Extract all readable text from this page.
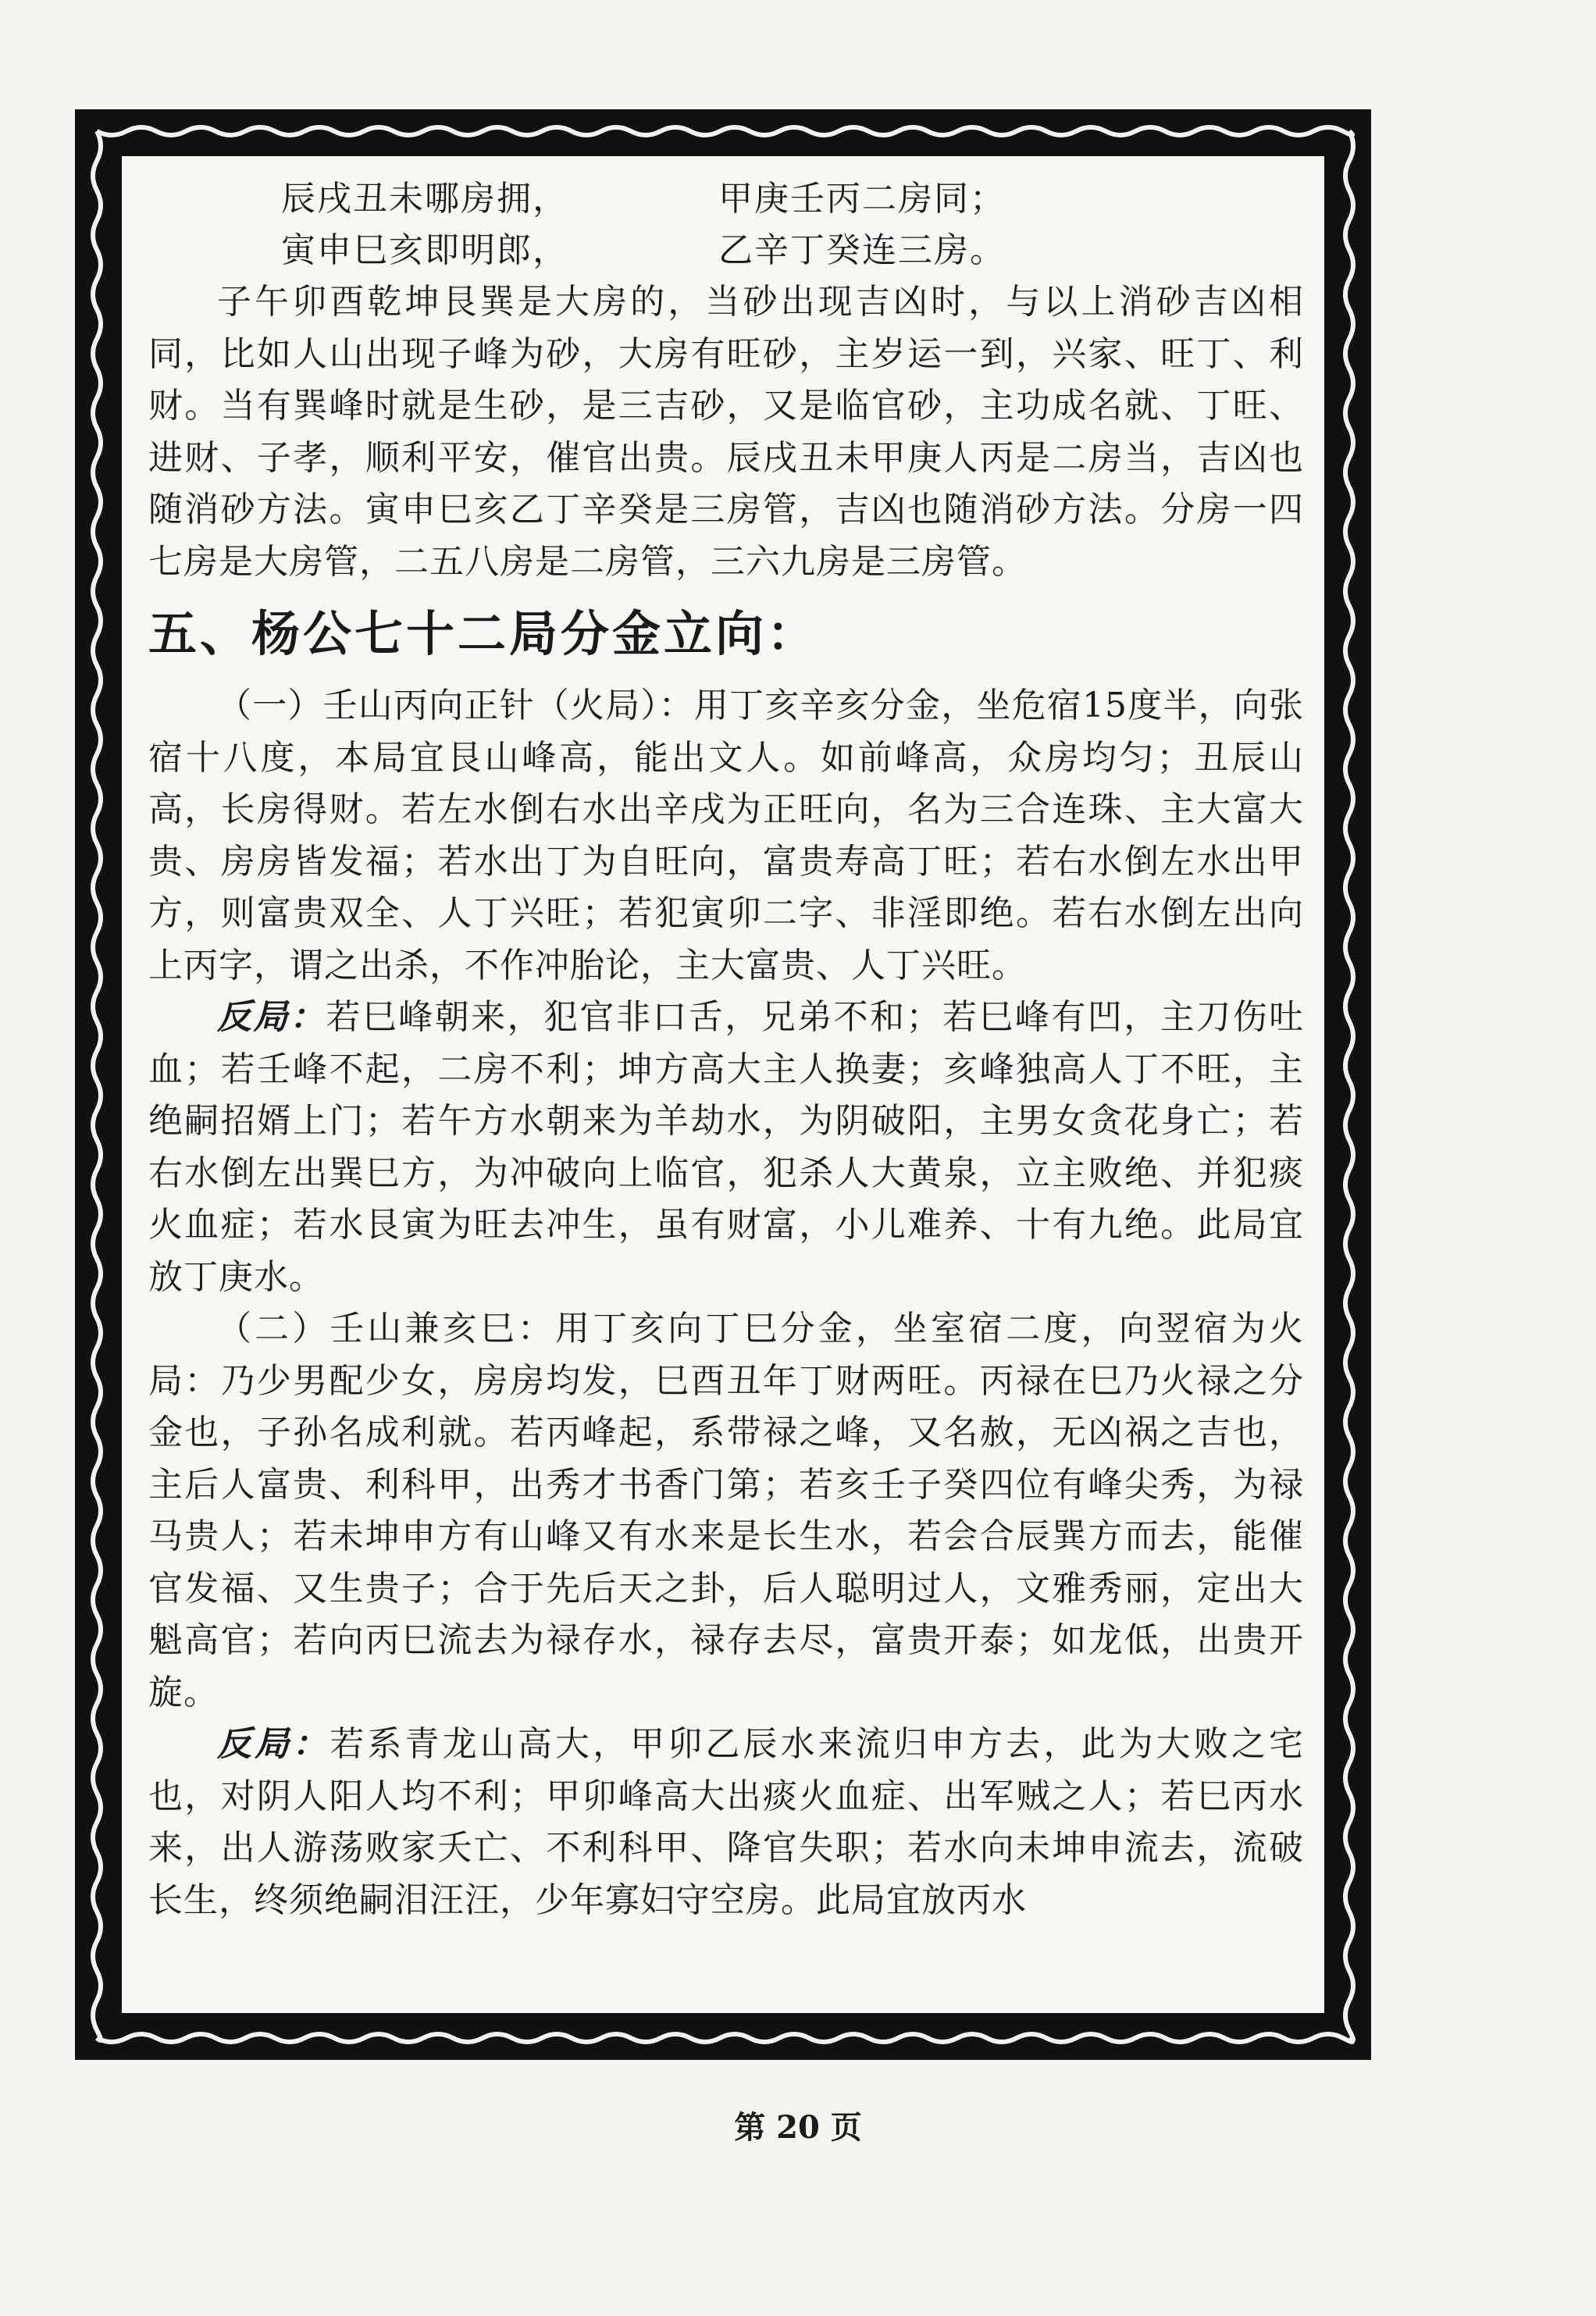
辰戌丑未哪房拥，	甲庚壬丙二房同；
寅申巳亥即明郎，	乙辛丁癸连三房。

子午卯酉乾坤艮巽是大房的，当砂出现吉凶时，与以上消砂吉凶相同，比如人山出现子峰为砂，大房有旺砂，主岁运一到，兴家、旺丁、利财。当有巽峰时就是生砂，是三吉砂，又是临官砂，主功成名就、丁旺、进财、子孝，顺利平安，催官出贵。辰戌丑未甲庚人丙是二房当，吉凶也随消砂方法。寅申巳亥乙丁辛癸是三房管，吉凶也随消砂方法。分房一四七房是大房管，二五八房是二房管，三六九房是三房管。

五、杨公七十二局分金立向：

（一）壬山丙向正针（火局）：用丁亥辛亥分金，坐危宿15度半，向张宿十八度，本局宜艮山峰高，能出文人。如前峰高，众房均匀；丑辰山高，长房得财。若左水倒右水出辛戌为正旺向，名为三合连珠、主大富大贵、房房皆发福；若水出丁为自旺向，富贵寿高丁旺；若右水倒左水出甲方，则富贵双全、人丁兴旺；若犯寅卯二字、非淫即绝。若右水倒左出向上丙字，谓之出杀，不作冲胎论，主大富贵、人丁兴旺。

反局：若巳峰朝来，犯官非口舌，兄弟不和；若巳峰有凹，主刀伤吐血；若壬峰不起，二房不利；坤方高大主人换妻；亥峰独高人丁不旺，主绝嗣招婿上门；若午方水朝来为羊劫水，为阴破阳，主男女贪花身亡；若右水倒左出巽巳方，为冲破向上临官，犯杀人大黄泉，立主败绝、并犯痰火血症；若水艮寅为旺去冲生，虽有财富，小儿难养、十有九绝。此局宜放丁庚水。

（二）壬山兼亥巳：用丁亥向丁巳分金，坐室宿二度，向翌宿为火局：乃少男配少女，房房均发，巳酉丑年丁财两旺。丙禄在巳乃火禄之分金也，子孙名成利就。若丙峰起，系带禄之峰，又名赦，无凶祸之吉也，主后人富贵、利科甲，出秀才书香门第；若亥壬子癸四位有峰尖秀，为禄马贵人；若未坤申方有山峰又有水来是长生水，若会合辰巽方而去，能催官发福、又生贵子；合于先后天之卦，后人聪明过人，文雅秀丽，定出大魁高官；若向丙巳流去为禄存水，禄存去尽，富贵开泰；如龙低，出贵开旋。

反局：若系青龙山高大，甲卯乙辰水来流归申方去，此为大败之宅也，对阴人阳人均不利；甲卯峰高大出痰火血症、出军贼之人；若巳丙水来，出人游荡败家夭亡、不利科甲、降官失职；若水向未坤申流去，流破长生，终须绝嗣泪汪汪，少年寡妇守空房。此局宜放丙水

第 20 页
